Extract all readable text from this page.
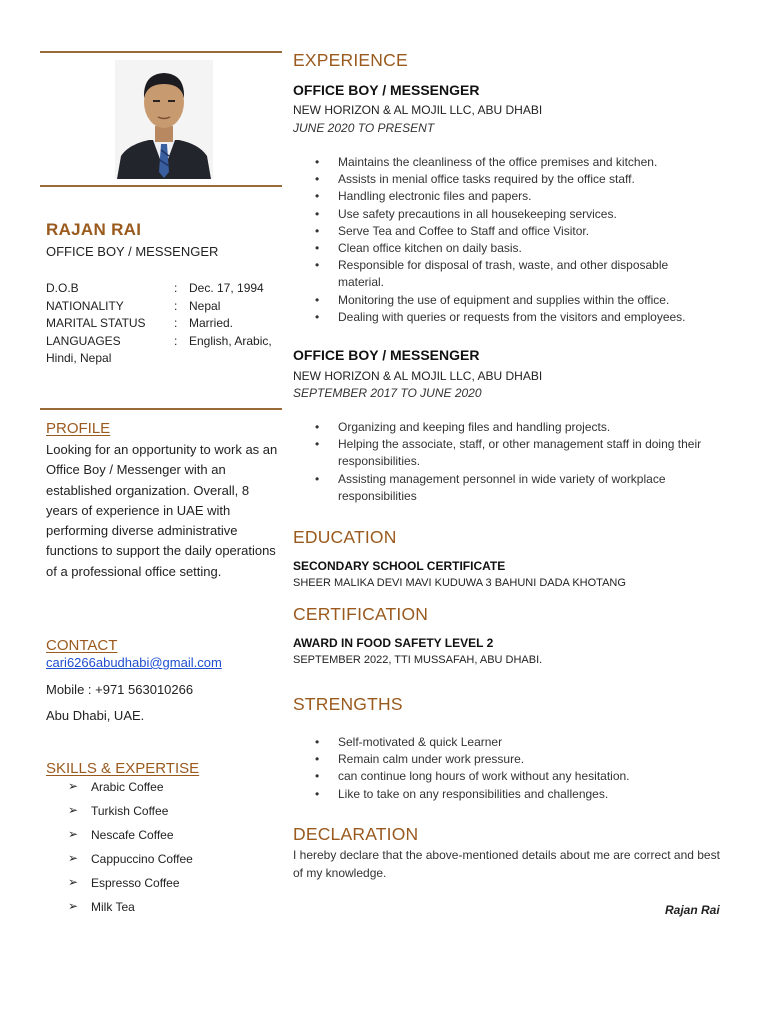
RAJAN RAI
OFFICE BOY / MESSENGER
D.O.B	: Dec. 17, 1994
NATIONALITY	: Nepal
MARITAL STATUS : Married.
LANGUAGES	: English, Arabic,
Hindi, Nepal
PROFILE
Looking for an opportunity to work as an Office Boy / Messenger with an established organization. Overall, 8 years of experience in UAE with performing diverse administrative functions to support the daily operations of a professional office setting.
CONTACT
cari6266abudhabi@gmail.com
Mobile : +971 563010266
Abu Dhabi, UAE.
SKILLS & EXPERTISE
➢ Arabic Coffee
➢ Turkish Coffee
➢ Nescafe Coffee
➢ Cappuccino Coffee
➢ Espresso Coffee
➢ Milk Tea
EXPERIENCE
OFFICE BOY / MESSENGER
NEW HORIZON & AL MOJIL LLC, ABU DHABI
JUNE 2020 TO PRESENT
• Maintains the cleanliness of the office premises and kitchen.
• Assists in menial office tasks required by the office staff.
• Handling electronic files and papers.
• Use safety precautions in all housekeeping services.
• Serve Tea and Coffee to Staff and office Visitor.
• Clean office kitchen on daily basis.
• Responsible for disposal of trash, waste, and other disposable material.
• Monitoring the use of equipment and supplies within the office.
• Dealing with queries or requests from the visitors and employees.
OFFICE BOY / MESSENGER
NEW HORIZON & AL MOJIL LLC, ABU DHABI
SEPTEMBER 2017 TO JUNE 2020
• Organizing and keeping files and handling projects.
• Helping the associate, staff, or other management staff in doing their responsibilities.
• Assisting management personnel in wide variety of workplace responsibilities
EDUCATION
SECONDARY SCHOOL CERTIFICATE
SHEER MALIKA DEVI MAVI KUDUWA 3 BAHUNI DADA KHOTANG
CERTIFICATION
AWARD IN FOOD SAFETY LEVEL 2
SEPTEMBER 2022, TTI MUSSAFAH, ABU DHABI.
STRENGTHS
• Self-motivated & quick Learner
• Remain calm under work pressure.
• can continue long hours of work without any hesitation.
• Like to take on any responsibilities and challenges.
DECLARATION
I hereby declare that the above-mentioned details about me are correct and best of my knowledge.
Rajan Rai
